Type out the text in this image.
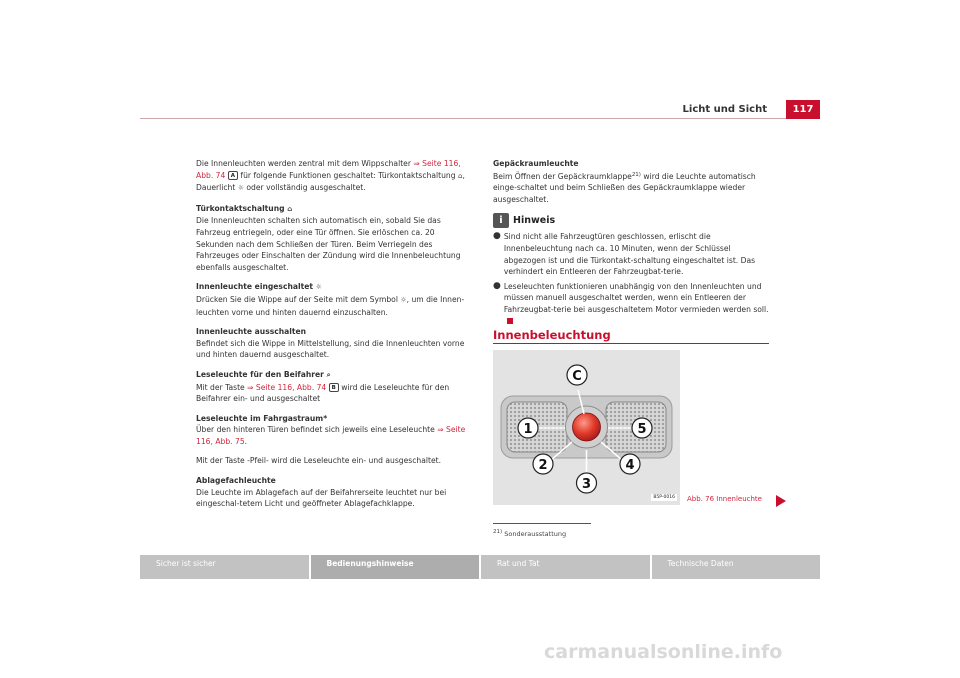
Licht und Sicht	117

Die Innenleuchten werden zentral mit dem Wippschalter ⇒ Seite 116, Abb. 74 A für folgende Funktionen geschaltet: Türkontaktschaltung ⌂, Dauerlicht ☼ oder vollständig ausgeschaltet.

Türkontaktschaltung ⌂

Die Innenleuchten schalten sich automatisch ein, sobald Sie das Fahrzeug entriegeln, oder eine Tür öffnen. Sie erlöschen ca. 20 Sekunden nach dem Schließen der Türen. Beim Verriegeln des Fahrzeuges oder Einschalten der Zündung wird die Innenbeleuchtung ebenfalls ausgeschaltet.

Innenleuchte eingeschaltet ☼

Drücken Sie die Wippe auf der Seite mit dem Symbol ☼, um die Innen-leuchten vorne und hinten dauernd einzuschalten.

Innenleuchte ausschalten

Befindet sich die Wippe in Mittelstellung, sind die Innenleuchten vorne und hinten dauernd ausgeschaltet.

Leseleuchte für den Beifahrer ⌕

Mit der Taste ⇒ Seite 116, Abb. 74 B wird die Leseleuchte für den Beifahrer ein- und ausgeschaltet

Leseleuchte im Fahrgastraum*

Über den hinteren Türen befindet sich jeweils eine Leseleuchte ⇒ Seite 116, Abb. 75.

Mit der Taste -Pfeil- wird die Leseleuchte ein- und ausgeschaltet.

Ablagefachleuchte

Die Leuchte im Ablagefach auf der Beifahrerseite leuchtet nur bei eingeschal-tetem Licht und geöffneter Ablagefachklappe.

Gepäckraumleuchte

Beim Öffnen der Gepäckraumklappe$^{21)}$ wird die Leuchte automatisch einge-schaltet und beim Schließen des Gepäckraumklappe wieder ausgeschaltet.

i	Hinweis
● Sind nicht alle Fahrzeugtüren geschlossen, erlischt die Innenbeleuchtung nach ca. 10 Minuten, wenn der Schlüssel abgezogen ist und die Türkontakt-schaltung eingeschaltet ist. Das verhindert ein Entleeren der Fahrzeugbat-terie.
● Leseleuchten funktionieren unabhängig von den Innenleuchten und müssen manuell ausgeschaltet werden, wenn ein Entleeren der Fahrzeugbat-terie bei ausgeschaltetem Motor vermieden werden soll.
Innenbeleuchtung
C
1	5
2	4
3
B5P-0016 Abb. 76 Innenleuchte
$^{21)}$ Sonderausstattung
Sicher ist sicher	Bedienungshinweise	Rat und Tat	Technische Daten
carmanualsonline.info
